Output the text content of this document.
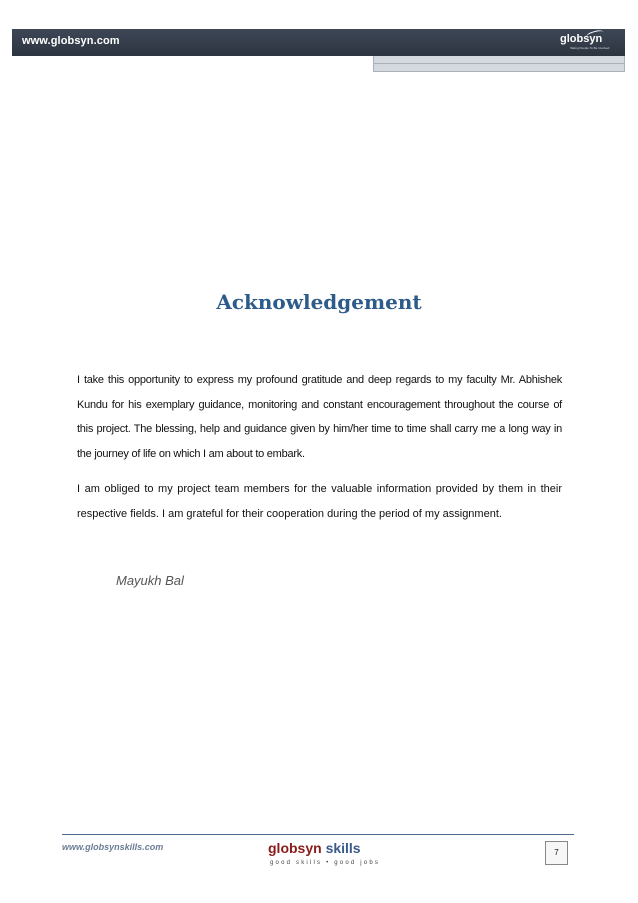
www.globsyn.com	globsyn
Taking People To Be Involved
Acknowledgement

I take this opportunity to express my profound gratitude and deep regards to my faculty Mr. Abhishek Kundu for his exemplary guidance, monitoring and constant encouragement throughout the course of this project. The blessing, help and guidance given by him/her time to time shall carry me a long way in the journey of life on which I am about to embark.

I am obliged to my project team members for the valuable information provided by them in their respective fields. I am grateful for their cooperation during the period of my assignment.

Mayukh Bal
www.globsynskills.com	globsyn skills
good skills • good jobs
7
